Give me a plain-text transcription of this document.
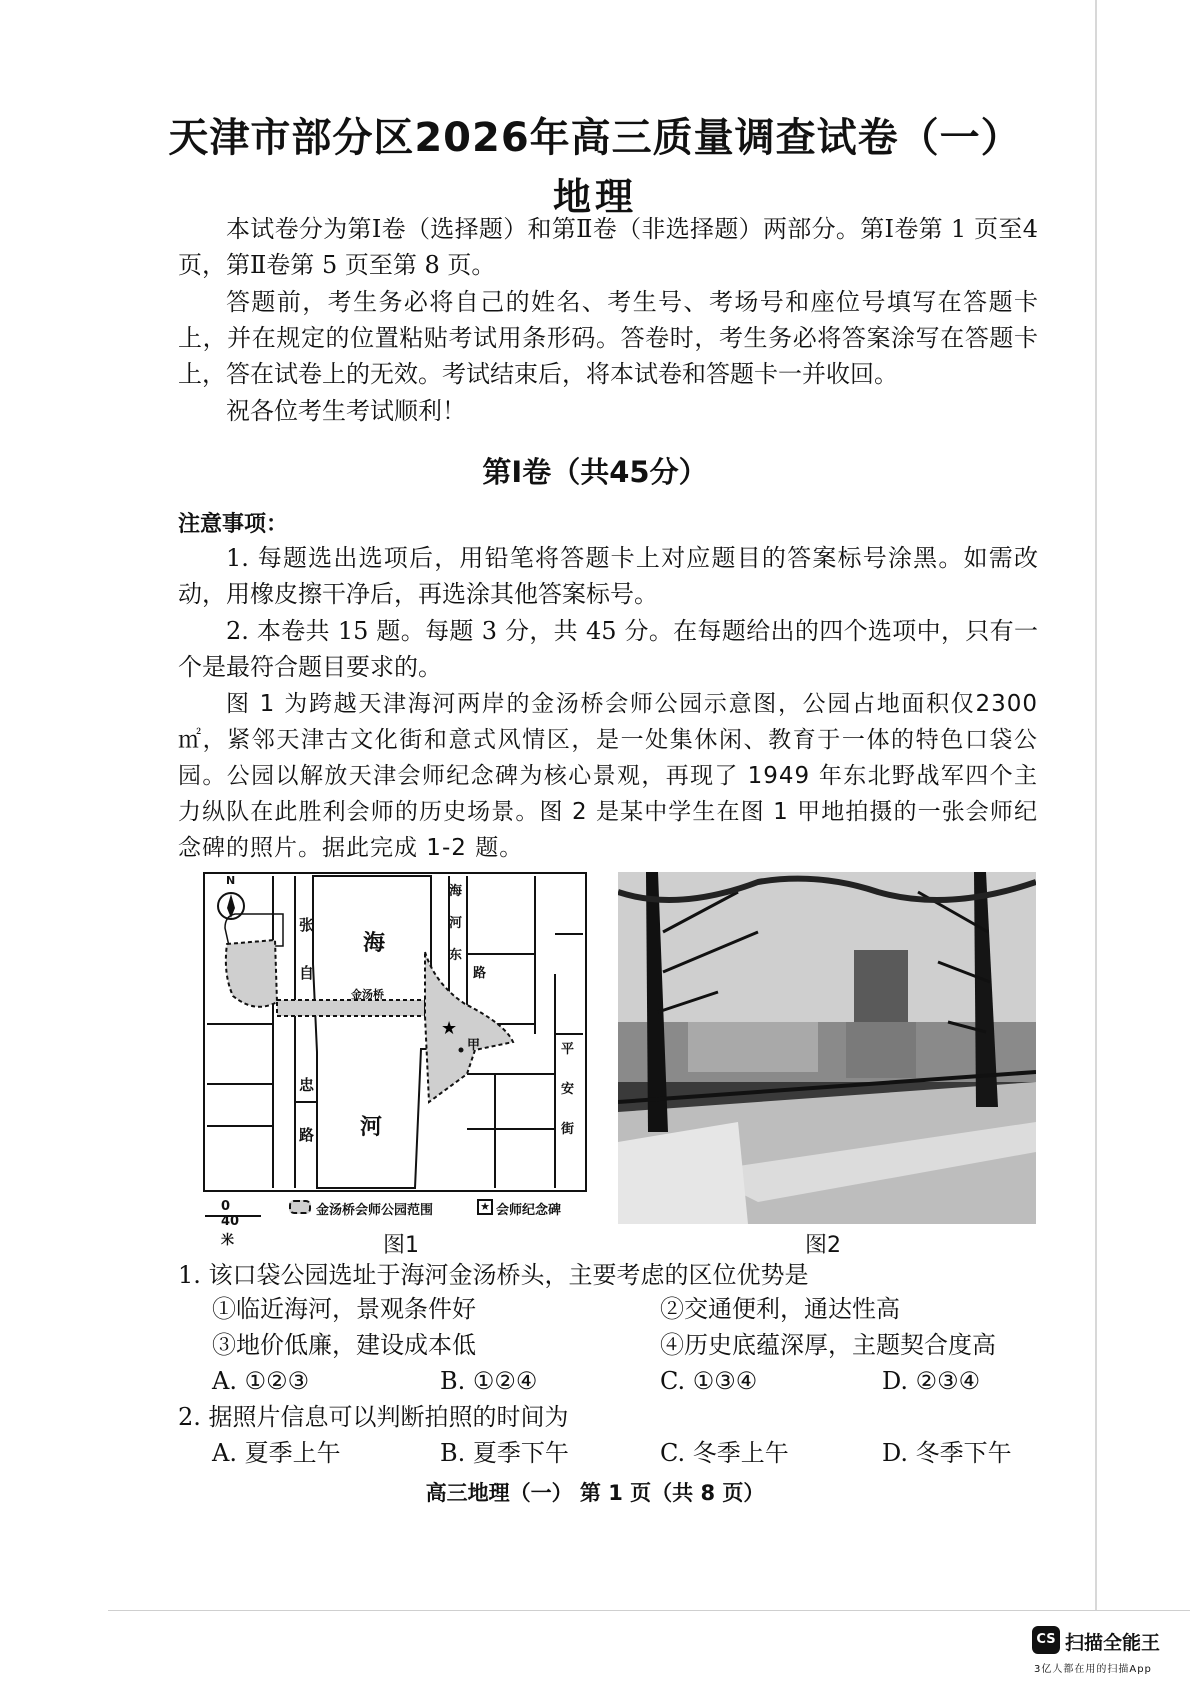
天津市部分区2026年高三质量调查试卷（一）
地理

本试卷分为第Ⅰ卷（选择题）和第Ⅱ卷（非选择题）两部分。第Ⅰ卷第 1 页至4 页，第Ⅱ卷第 5 页至第 8 页。

答题前，考生务必将自己的姓名、考生号、考场号和座位号填写在答题卡上，并在规定的位置粘贴考试用条形码。答卷时，考生务必将答案涂写在答题卡上，答在试卷上的无效。考试结束后，将本试卷和答题卡一并收回。

祝各位考生考试顺利！

第Ⅰ卷（共45分）
注意事项：

1. 每题选出选项后，用铅笔将答题卡上对应题目的答案标号涂黑。如需改动，用橡皮擦干净后，再选涂其他答案标号。

2. 本卷共 15 题。每题 3 分，共 45 分。在每题给出的四个选项中，只有一个是最符合题目要求的。

图 1 为跨越天津海河两岸的金汤桥会师公园示意图，公园占地面积仅2300㎡，紧邻天津古文化街和意式风情区，是一处集休闲、教育于一体的特色口袋公园。公园以解放天津会师纪念碑为核心景观，再现了 1949 年东北野战军四个主力纵队在此胜利会师的历史场景。图 2 是某中学生在图 1 甲地拍摄的一张会师纪念碑的照片。据此完成 1-2 题。

★
N
张
自
忠
路
海
河
金汤桥
海
河
东
路
甲	平
安
街
0 40米
金汤桥会师公园范围	★ 会师纪念碑
图1	图2
1. 该口袋公园选址于海河金汤桥头，主要考虑的区位优势是
①临近海河，景观条件好	②交通便利，通达性高
③地价低廉，建设成本低	④历史底蕴深厚，主题契合度高
A. ①②③	B. ①②④	C. ①③④	D. ②③④
2. 据照片信息可以判断拍照的时间为
A. 夏季上午	B. 夏季下午	C. 冬季上午	D. 冬季下午
高三地理（一） 第 1 页（共 8 页）
CS 扫描全能王
3亿人都在用的扫描App
